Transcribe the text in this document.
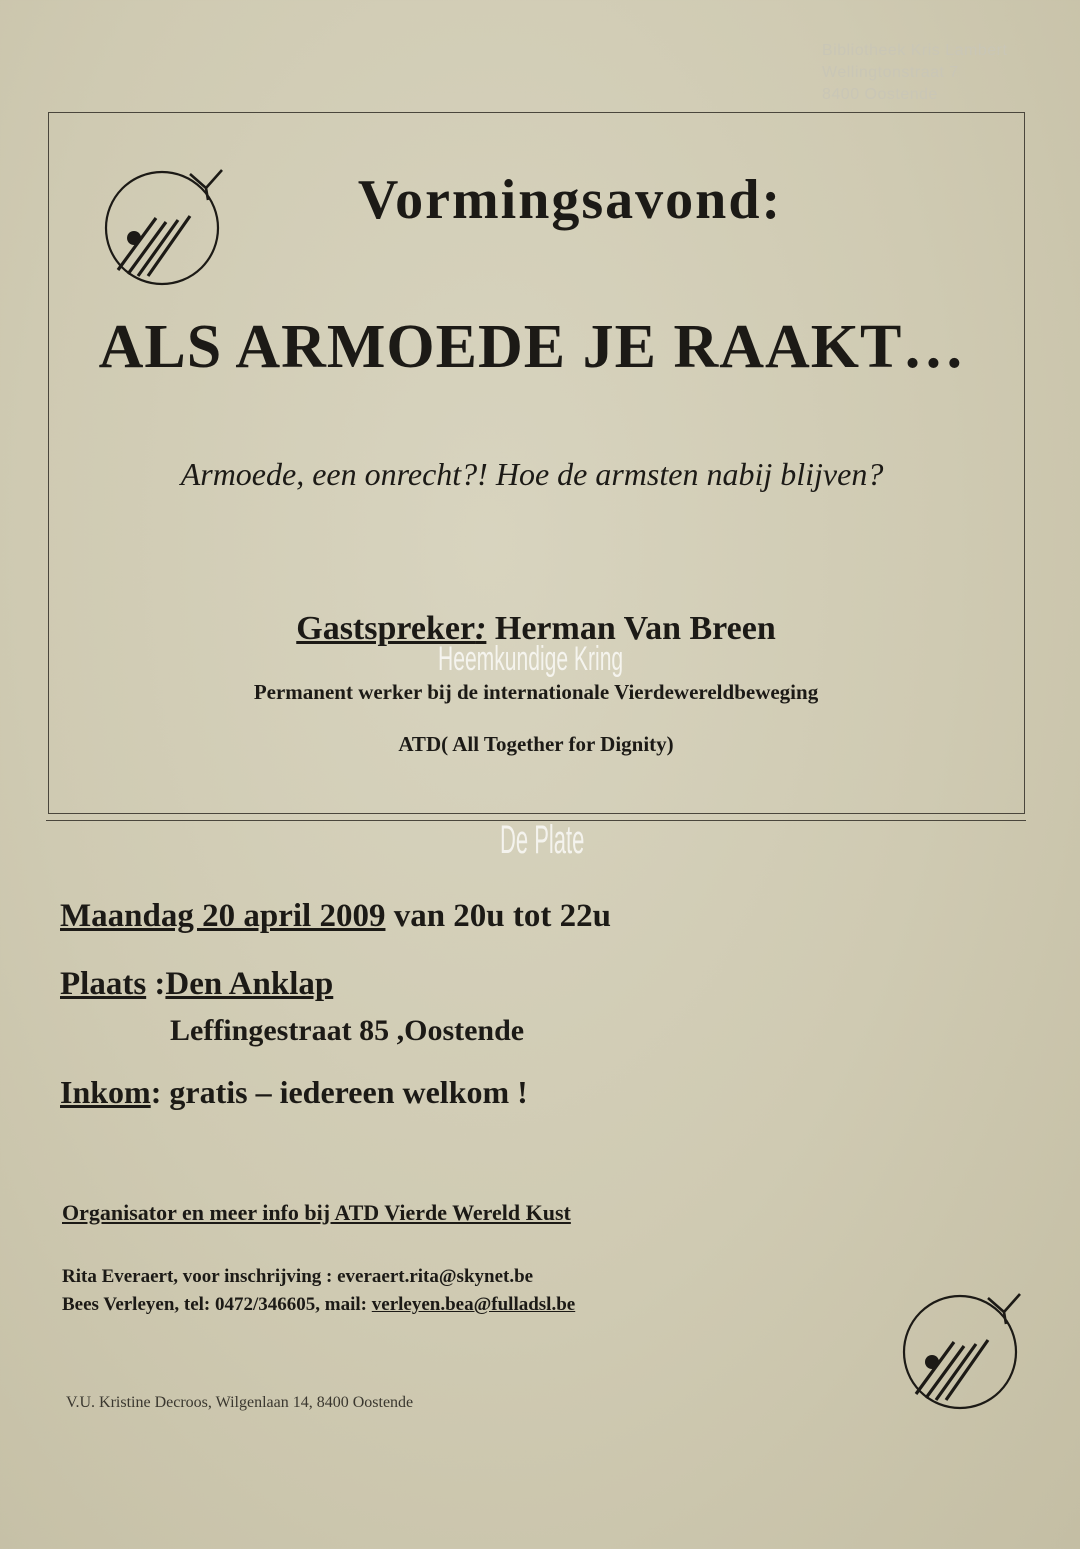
Bibliotheek Kris Lambert
Wellingtonstraat 7
8400 Oostende
Vormingsavond:
ALS ARMOEDE JE RAAKT…
Armoede, een onrecht?! Hoe de armsten nabij blijven?
Gastspreker: Herman Van Breen
Permanent werker bij de internationale Vierdewereldbeweging
ATD( All Together for Dignity)
Heemkundige Kring
De Plate
Maandag 20 april 2009 van 20u tot 22u
Plaats :Den Anklap
Leffingestraat 85 ,Oostende
Inkom: gratis – iedereen welkom !
Organisator en meer info bij ATD Vierde Wereld Kust
Rita Everaert, voor inschrijving : everaert.rita@skynet.be
Bees Verleyen, tel: 0472/346605, mail: verleyen.bea@fulladsl.be
V.U. Kristine Decroos, Wilgenlaan 14, 8400 Oostende
